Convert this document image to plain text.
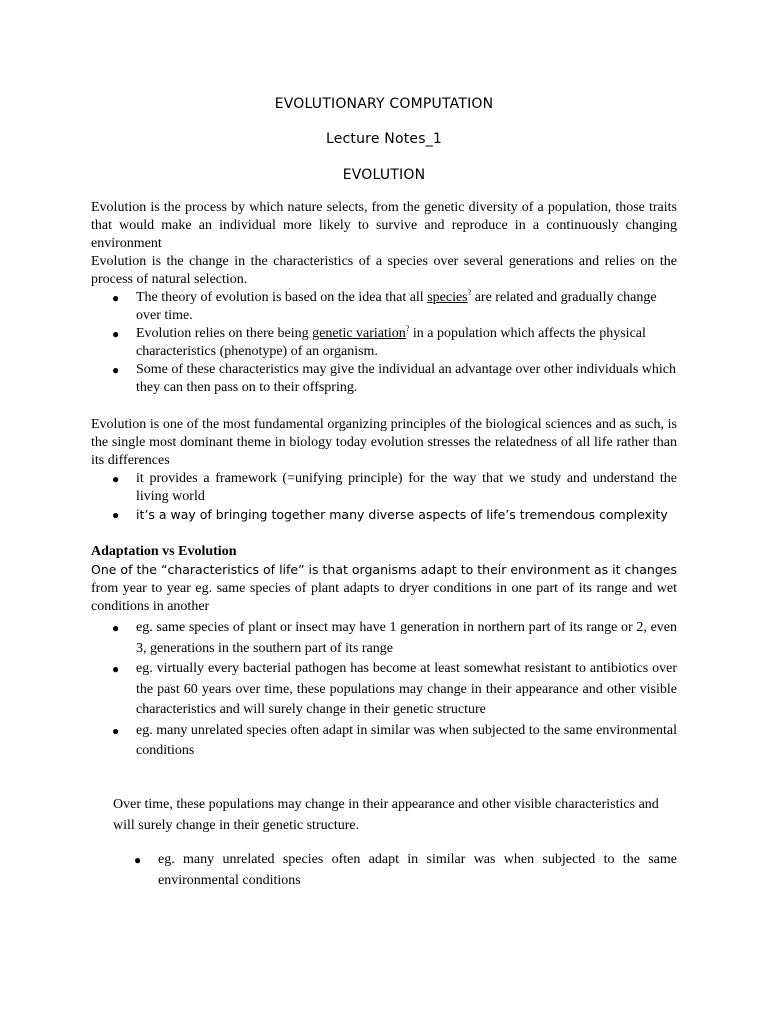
EVOLUTIONARY COMPUTATION
Lecture Notes_1
EVOLUTION

Evolution is the process by which nature selects, from the genetic diversity of a population, those traits that would make an individual more likely to survive and reproduce in a continuously changing environment

Evolution is the change in the characteristics of a species over several generations and relies on the process of natural selection.

● The theory of evolution is based on the idea that all species? are related and gradually change over time.
● Evolution relies on there being genetic variation? in a population which affects the physical characteristics (phenotype) of an organism.
● Some of these characteristics may give the individual an advantage over other individuals which they can then pass on to their offspring.

Evolution is one of the most fundamental organizing principles of the biological sciences and as such, is the single most dominant theme in biology today evolution stresses the relatedness of all life rather than its differences

● it provides a framework (=unifying principle) for the way that we study and understand the living world
● it’s a way of bringing together many diverse aspects of life’s tremendous complexity

Adaptation vs Evolution

One of the “characteristics of life” is that organisms adapt to their environment as it changes from year to year eg. same species of plant adapts to dryer conditions in one part of its range and wet conditions in another

● eg. same species of plant or insect may have 1 generation in northern part of its range or 2, even 3, generations in the southern part of its range
● eg. virtually every bacterial pathogen has become at least somewhat resistant to antibiotics over the past 60 years over time, these populations may change in their appearance and other visible characteristics and will surely change in their genetic structure
● eg. many unrelated species often adapt in similar was when subjected to the same environmental conditions
Over time, these populations may change in their appearance and other visible characteristics and will surely change in their genetic structure.
● eg. many unrelated species often adapt in similar was when subjected to the same environmental conditions
